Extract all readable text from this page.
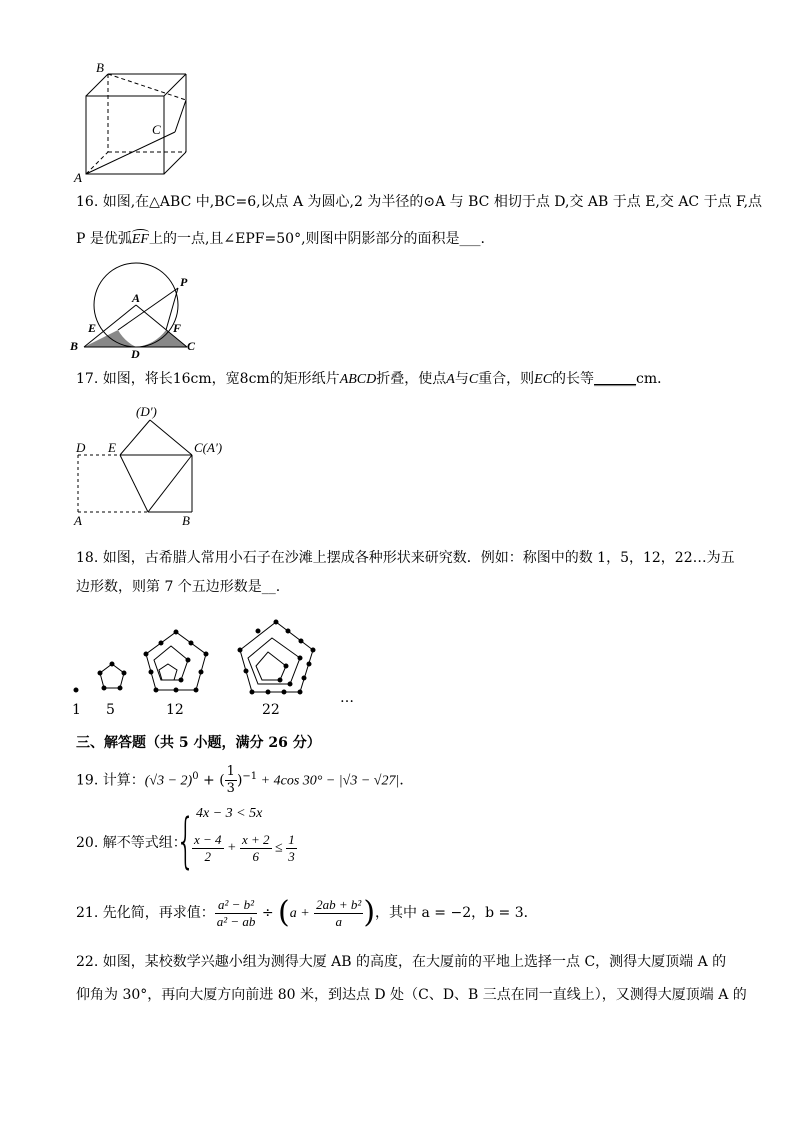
B
C
A
16. 如图,在△ABC 中,BC=6,以点 A 为圆心,2 为半径的⊙A 与 BC 相切于点 D,交 AB 于点 E,交 AC 于点 F,点
P 是优弧EF
上的一点,且∠EPF=50°,则图中阴影部分的面积是___.
A
P
E	F
B
D
C
17. 如图，将长16cm，宽8cm的矩形纸片ABCD折叠，使点A与C重合，则EC的长等______cm．
(D′)
D E	C(A′)
A	B
18. 如图，古希腊人常用小石子在沙滩上摆成各种形状来研究数．例如：称图中的数 1，5，12，22…为五
边形数，则第 7 个五边形数是__.
1 5	12	22
…
三、解答题（共 5 小题，满分 26 分）
19. 计算：$(√3 - 2)^0$ + ( $\frac{1}{3} )^{-1} + 4\cos$ 30° − |√3 − √27|．
20. 解不等式组：
{ 4x − 3 < 5x
$\frac{x - 4}{2} + \frac{x + 2}{6} \le \frac{1}{3}$
21. 先化简，再求值： $\frac{\text{a² − b²}}{\text{a² − ab}} \div (a + \frac{\text{2ab + b²}}{a}$ )，其中 a = −2，b = 3．
22. 如图，某校数学兴趣小组为测得大厦 AB 的高度，在大厦前的平地上选择一点 C，测得大厦顶端 A 的
仰角为 30°，再向大厦方向前进 80 米，到达点 D 处（C、D、B 三点在同一直线上），又测得大厦顶端 A 的
